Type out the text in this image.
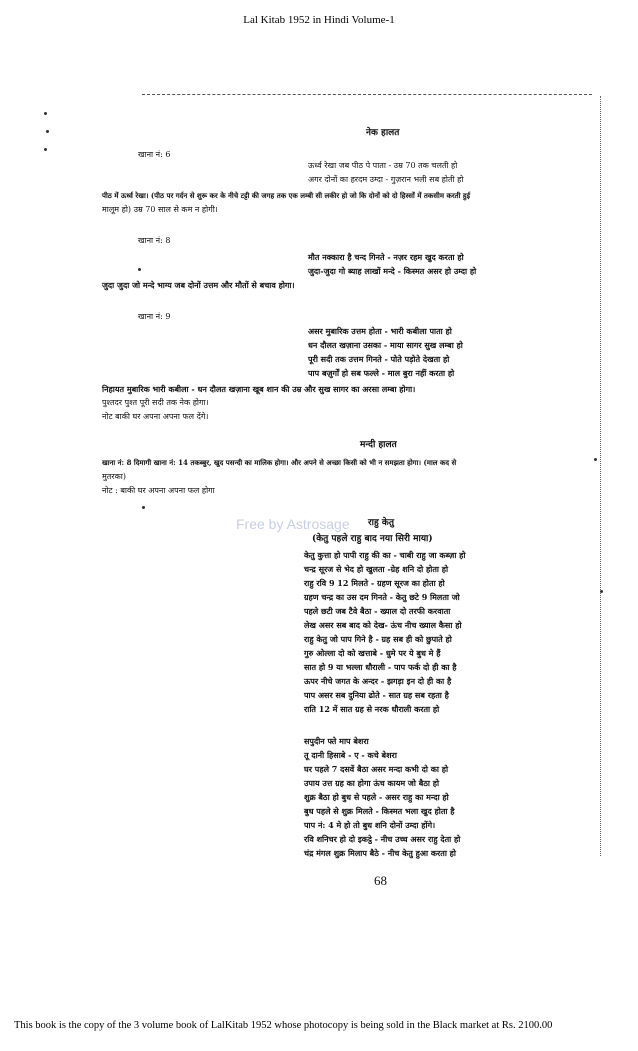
Lal Kitab 1952 in Hindi Volume-1
नेक हालत
खाना नं: 6
ऊर्ध्व रेखा जब पीठ पे पाता - उम्र 70 तक चलती हो
अगर दोनों का हरदम उम्दा - गुज़रान भली सब होती हो
पीठ में ऊर्ध्व रेखा। (पीठ पर गर्दन से शुरू कर के नीचे टट्टी की जगह तक एक लम्बी सी लकीर हो जो कि दोनों को दो हिस्सों में तकसीम करती हुई
मालूम हो) उम्र 70 साल से कम न होगी।
खाना नं: 8
मौत नक्कारा है चन्द गिनते - नज़र रहम खुद करता हो
जुदा-जुदा गो ब्याह लाखों मन्दे - किस्मत असर हो उम्दा हो
जुदा जुदा जो मन्दे भाग्य जब दोनों उत्तम और मौतों से बचाव होगा।
खाना नं: 9
असर मुबारिक उत्तम होता - भारी कबीला पाता हो
धन दौलत खज़ाना उसका - माया सागर सुख लम्बा हो
पूरी सदी तक उत्तम गिनते - पोते पड़ोते देखता हो
पाप बज़ुर्गों हो सब फल्ले - माल बुरा नहीं करता हो
निहायत मुबारिक भारी कबीला - धन दौलत खज़ाना खूब शान की उम्र और सुख सागर का अरसा लम्बा होगा।
पुश्तदर पुश्त पूरी सदी तक नेक होगा।
नोट बाकी घर अपना अपना फल देंगे।
मन्दी हालत
खाना नं: 8 दिमागी खाना नं: 14 तकब्बुर, खुद पसन्दी का मालिक होगा। और अपने से अच्छा किसी को भी न समझता होगा। (माल कद से
मुतरका)
नोट : बाकी घर अपना अपना फल होगा
राहु केतु
(केतु पहले राहु बाद नया सिरी माया)
केतु कुत्ता हो पापी राहु की का - चाबी राहु जा कब्ज़ा हो
चन्द्र सूरज से भेद हो खुलता -ग्रेह शनि दो होता हो
राहु रवि 9 12 मिलते - ग्रहण सूरज का होता हो
ग्रहण चन्द्र का उस दम गिनते - केतु छटे 9 मिलता जो
पहले छटी जब टैवे बैठा - ख्याल दो तरफी करवाता
लेख असर सब बाद को देख- ऊंच नीच ख्याल कैसा हो
राहु केतु जो पाप गिने है - ग्रह सब ही को छुपाते हो
गुरु ओल्ला दो को खत्ताबे - धुमे पर ये बुध मे हैं
सात हो 9 या भल्ला धौराली - पाप फर्क दो ही का है
ऊपर नीचे जगत के अन्दर - झगड़ा इन दो ही का है
पाप असर सब दुनिया ढोते - सात ग्रह सब रहता है
राति 12 में सात ग्रह से नरक धौराली करता हो
सपुदीन फ्ते माप बेशरा
तू दानी हिसाबे - ए - कचे बेशरा
घर पहले 7 दसवें बैठा असर मन्दा कभी दो का हो
उपाय उत्त ग्रह का होगा ऊंच कायम जो बैठा हो
शुक्र बैठा हो बुध से पहले - असर राहु का मन्दा हो
बुध पहले से शुक्र मिलते - किस्मत भला खुद होता है
पाप नं: 4 मे हो तो बुध शनि दोनों उम्दा होंगे।
रवि शनिचर हो दो इकट्ठे - नीच उच्च असर राहु देता हो
चंद्र मंगल शुक्र मिलाप बैठे - नीच केतु हुआ करता हो
68
Free by Astrosage
This book is the copy of the 3 volume book of LalKitab 1952 whose photocopy is being sold in the Black market at Rs. 2100.00
